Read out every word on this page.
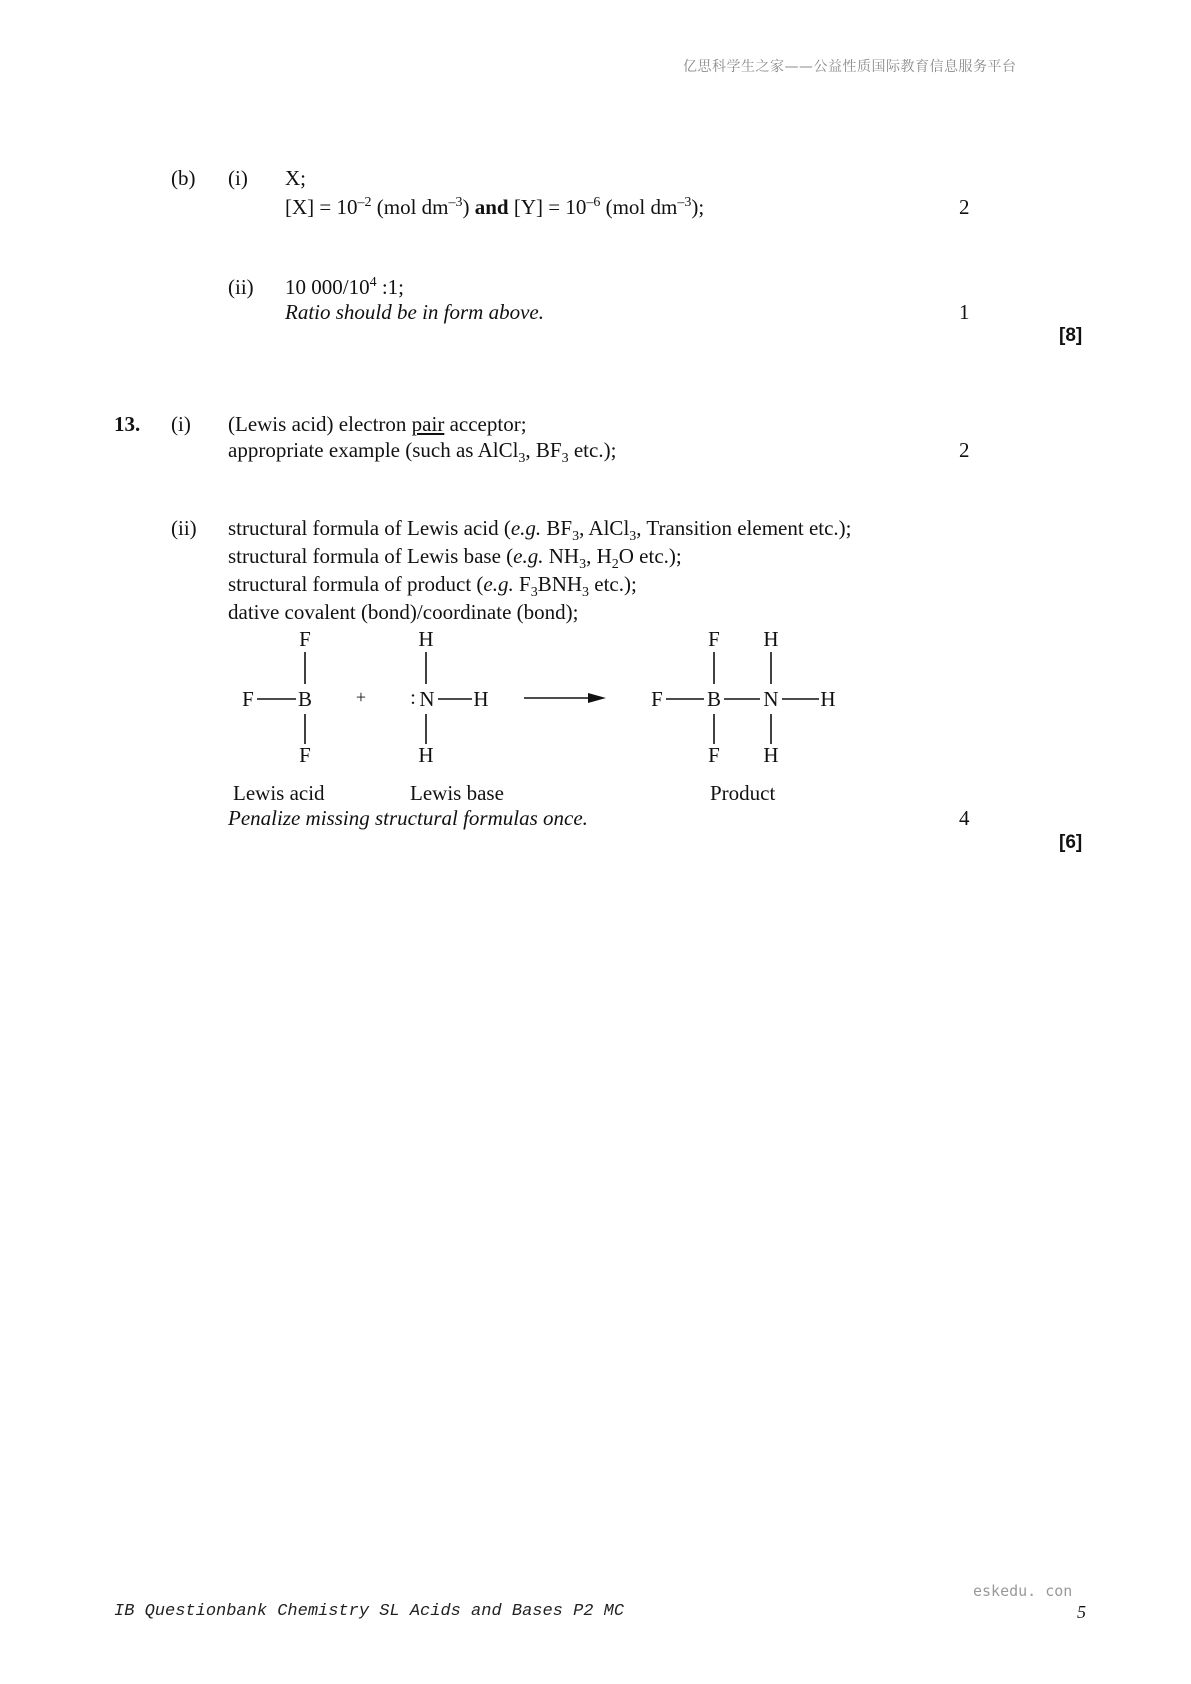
亿思科学生之家——公益性质国际教育信息服务平台
(b) (i) X;
$[X] = 10^{-2}$ (mol $dm^{-3}$) and $[Y] = 10^{-6}$ (mol $dm^{-3}$);	2
(ii) 10 $000/10^4$ :1;
Ratio should be in form above.	1
[8]
13. (i) (Lewis acid) electron pair acceptor;
appropriate example (such as AlCl$_3$, $BF_3$ etc.);	2
(ii) structural formula of Lewis acid (e.g. $BF_3$, AlCl$_3$, Transition element etc.);
structural formula of Lewis base (e.g. $NH_3$, $H_2O$ etc.);
structural formula of product (e.g. $F_3BNH_3$ etc.);
dative covalent (bond)/coordinate (bond);
F
F B
F
+
H
: N H
H
F H
F B N H
F H
Lewis acid	Lewis base	Product
Penalize missing structural formulas once.	4
[6]
eskedu. con
IB Questionbank Chemistry SL Acids and Bases P2 MC	5
